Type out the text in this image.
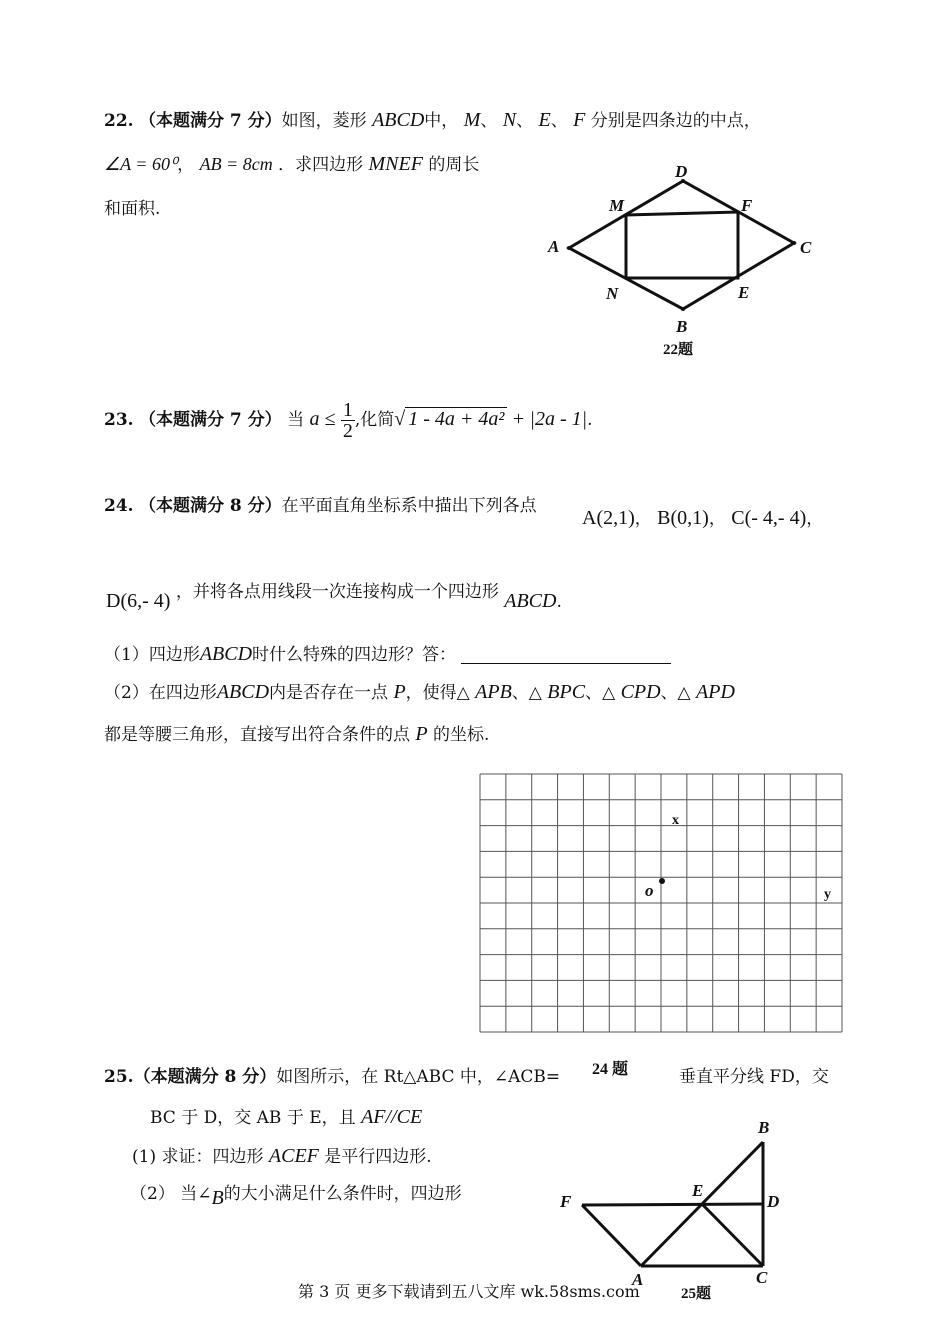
22. （本题满分 7 分）如图，菱形 ABCD中， M、 N、 E、 F 分别是四条边的中点，
∠A = 60⁰， AB = 8cm ．求四边形 MNEF 的周长
和面积.
D
M	F
A	C
N	E
B
22题
23. （本题满分 7 分） 当 $a \le \frac{1}{2}$ ,化简√ 1 - 4a + 4a² + |2a - 1|.
24. （本题满分 8 分）在平面直角坐标系中描出下列各点
A(2,1)， B(0,1)， C(- 4,- 4)，
D(6,- 4) ，并将各点用线段一次连接构成一个四边形 ABCD.
（1）四边形ABCD时什么特殊的四边形？答：
（2）在四边形ABCD内是否存在一点 P，使得△ APB、△ BPC、△ CPD、△ APD
都是等腰三角形，直接写出符合条件的点 P 的坐标.
x
y
o
25.（本题满分 8 分）如图所示，在 Rt△ABC 中，∠ACB= 24 题	垂直平分线 FD，交
BC 于 D，交 AB 于 E，且 AF//CE
(1) 求证：四边形 ACEF 是平行四边形.
（2） 当∠B的大小满足什么条件时，四边形
B
E
D
F
A	C
25题
第 3 页 更多下载请到五八文库 wk.58sms.com
